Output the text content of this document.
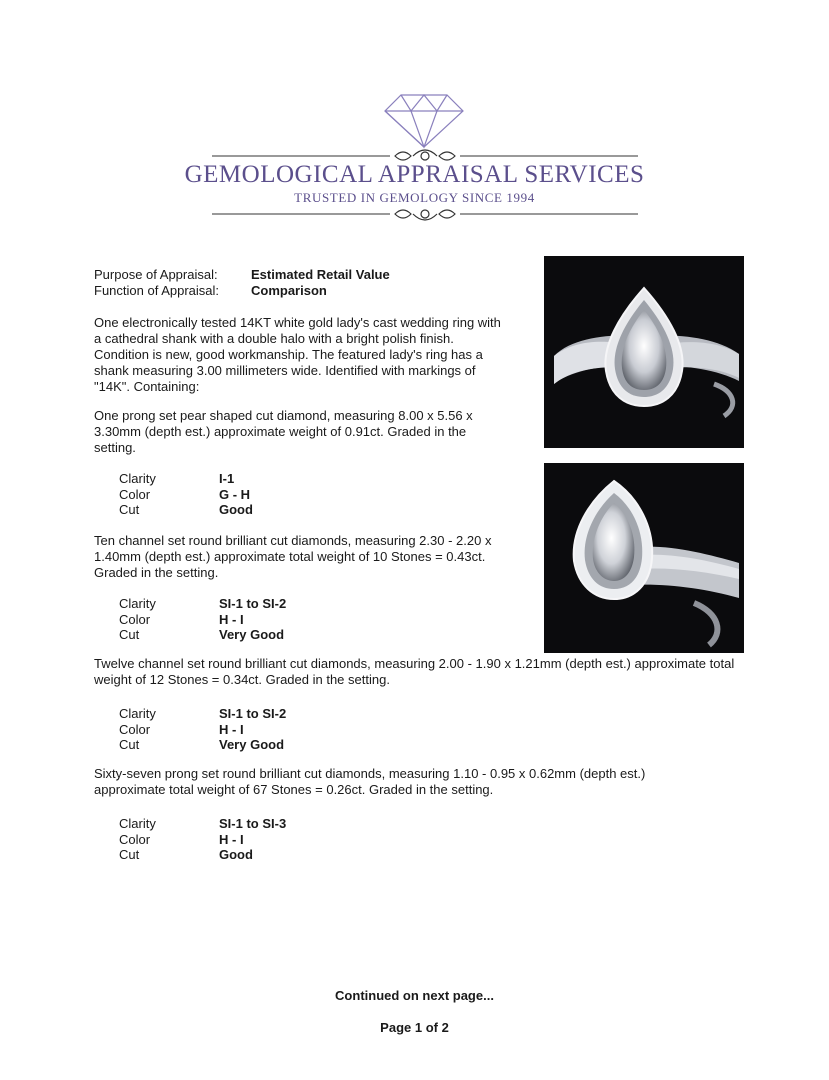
GEMOLOGICAL APPRAISAL SERVICES
TRUSTED IN GEMOLOGY SINCE 1994
Purpose of Appraisal:	Estimated Retail Value
Function of Appraisal: Comparison
One electronically tested 14KT white gold lady's cast wedding ring with a cathedral shank with a double halo with a bright polish finish. Condition is new, good workmanship. The featured lady's ring has a shank measuring 3.00 millimeters wide. Identified with markings of "14K". Containing:
One prong set pear shaped cut diamond, measuring 8.00 x 5.56 x 3.30mm (depth est.) approximate weight of 0.91ct. Graded in the setting.
Clarity	I-1
Color	G - H
Cut	Good
Ten channel set round brilliant cut diamonds, measuring 2.30 - 2.20 x 1.40mm (depth est.) approximate total weight of 10 Stones = 0.43ct. Graded in the setting.
Clarity	SI-1 to SI-2
Color	H - I
Cut	Very Good
Twelve channel set round brilliant cut diamonds, measuring 2.00 - 1.90 x 1.21mm (depth est.) approximate total weight of 12 Stones = 0.34ct. Graded in the setting.
Clarity	SI-1 to SI-2
Color	H - I
Cut	Very Good
Sixty-seven prong set round brilliant cut diamonds, measuring 1.10 - 0.95 x 0.62mm (depth est.) approximate total weight of 67 Stones = 0.26ct. Graded in the setting.
Clarity	SI-1 to SI-3
Color	H - I
Cut	Good
Continued on next page...
Page 1 of 2
